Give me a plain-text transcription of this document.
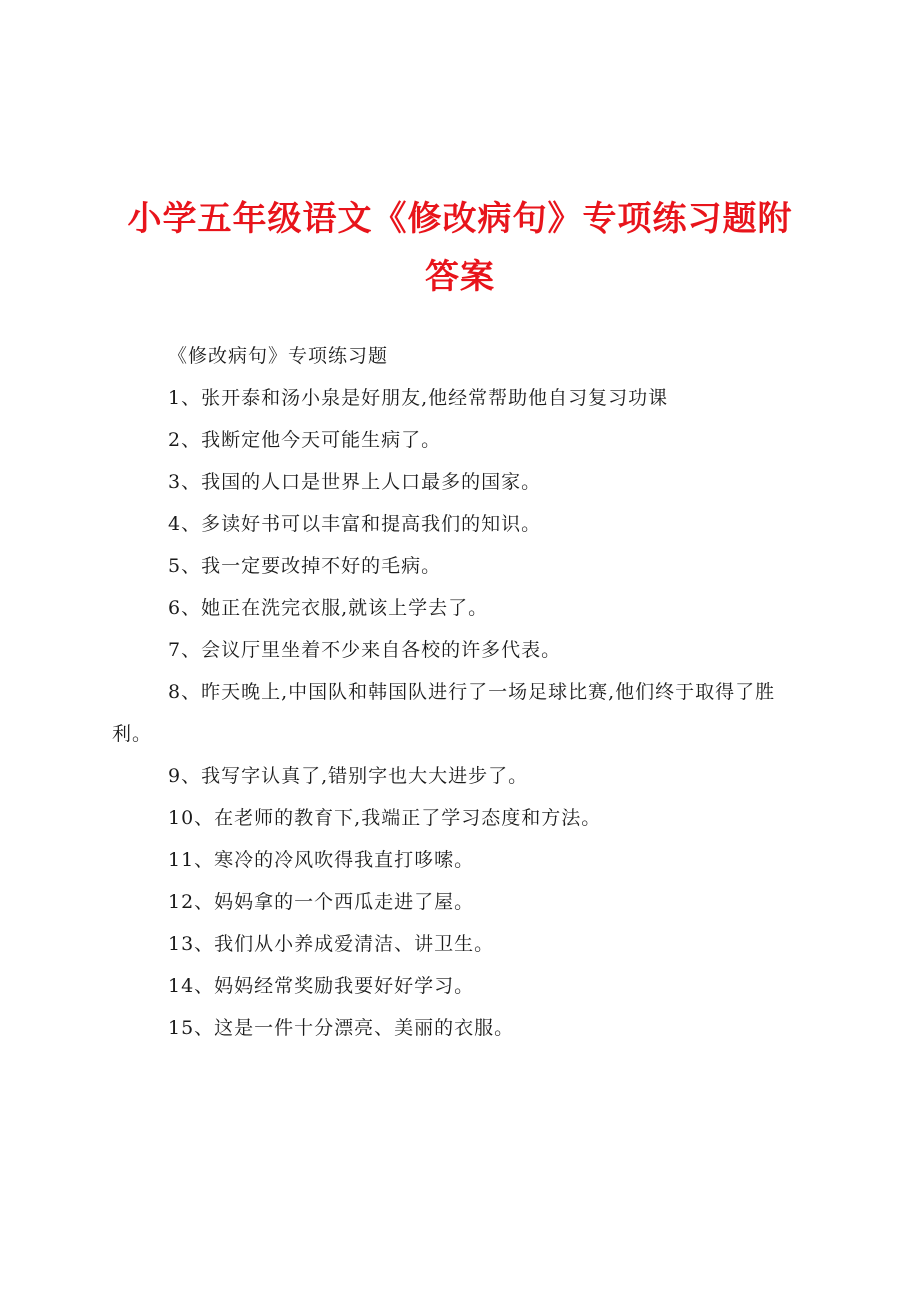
小学五年级语文《修改病句》专项练习题附答案

《修改病句》专项练习题

1、张开泰和汤小泉是好朋友,他经常帮助他自习复习功课

2、我断定他今天可能生病了。

3、我国的人口是世界上人口最多的国家。

4、多读好书可以丰富和提高我们的知识。

5、我一定要改掉不好的毛病。

6、她正在洗完衣服,就该上学去了。

7、会议厅里坐着不少来自各校的许多代表。

8、昨天晚上,中国队和韩国队进行了一场足球比赛,他们终于取得了胜利。

9、我写字认真了,错别字也大大进步了。

10、在老师的教育下,我端正了学习态度和方法。

11、寒冷的冷风吹得我直打哆嗦。

12、妈妈拿的一个西瓜走进了屋。

13、我们从小养成爱清洁、讲卫生。

14、妈妈经常奖励我要好好学习。

15、这是一件十分漂亮、美丽的衣服。
